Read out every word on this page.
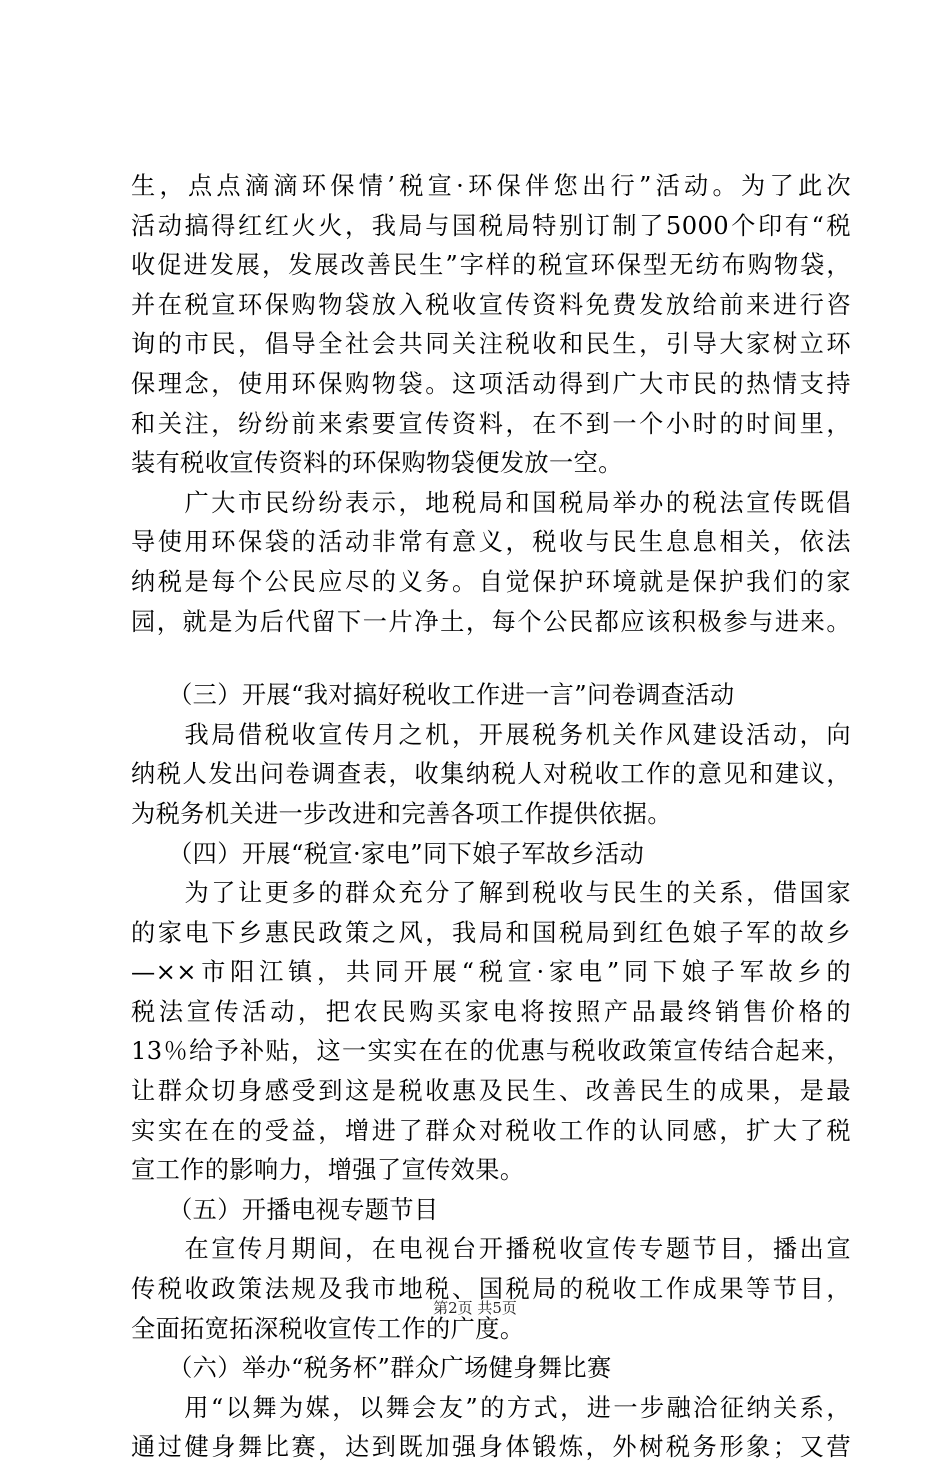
生，点点滴滴环保情’税宣·环保伴您出行”活动。为了此次
活动搞得红红火火，我局与国税局特别订制了5000个印有“税
收促进发展，发展改善民生”字样的税宣环保型无纺布购物袋，
并在税宣环保购物袋放入税收宣传资料免费发放给前来进行咨
询的市民，倡导全社会共同关注税收和民生，引导大家树立环
保理念，使用环保购物袋。这项活动得到广大市民的热情支持
和关注，纷纷前来索要宣传资料，在不到一个小时的时间里，
装有税收宣传资料的环保购物袋便发放一空。
　　广大市民纷纷表示，地税局和国税局举办的税法宣传既倡
导使用环保袋的活动非常有意义，税收与民生息息相关，依法
纳税是每个公民应尽的义务。自觉保护环境就是保护我们的家
园，就是为后代留下一片净土，每个公民都应该积极参与进来。
　　（三）开展“我对搞好税收工作进一言”问卷调查活动
　　我局借税收宣传月之机，开展税务机关作风建设活动，向
纳税人发出问卷调查表，收集纳税人对税收工作的意见和建议，
为税务机关进一步改进和完善各项工作提供依据。
　　（四）开展“税宣·家电”同下娘子军故乡活动
　　为了让更多的群众充分了解到税收与民生的关系，借国家
的家电下乡惠民政策之风，我局和国税局到红色娘子军的故乡
—××市阳江镇，共同开展“税宣·家电”同下娘子军故乡的
税法宣传活动，把农民购买家电将按照产品最终销售价格的
13％给予补贴，这一实实在在的优惠与税收政策宣传结合起来，
让群众切身感受到这是税收惠及民生、改善民生的成果，是最
实实在在的受益，增进了群众对税收工作的认同感，扩大了税
宣工作的影响力，增强了宣传效果。
　　（五）开播电视专题节目
　　在宣传月期间，在电视台开播税收宣传专题节目，播出宣
传税收政策法规及我市地税、国税局的税收工作成果等节目，
全面拓宽拓深税收宣传工作的广度。
　　（六）举办“税务杯”群众广场健身舞比赛
　　用“以舞为媒，以舞会友”的方式，进一步融洽征纳关系，
通过健身舞比赛，达到既加强身体锻炼，外树税务形象；又营
第2页 共5页
